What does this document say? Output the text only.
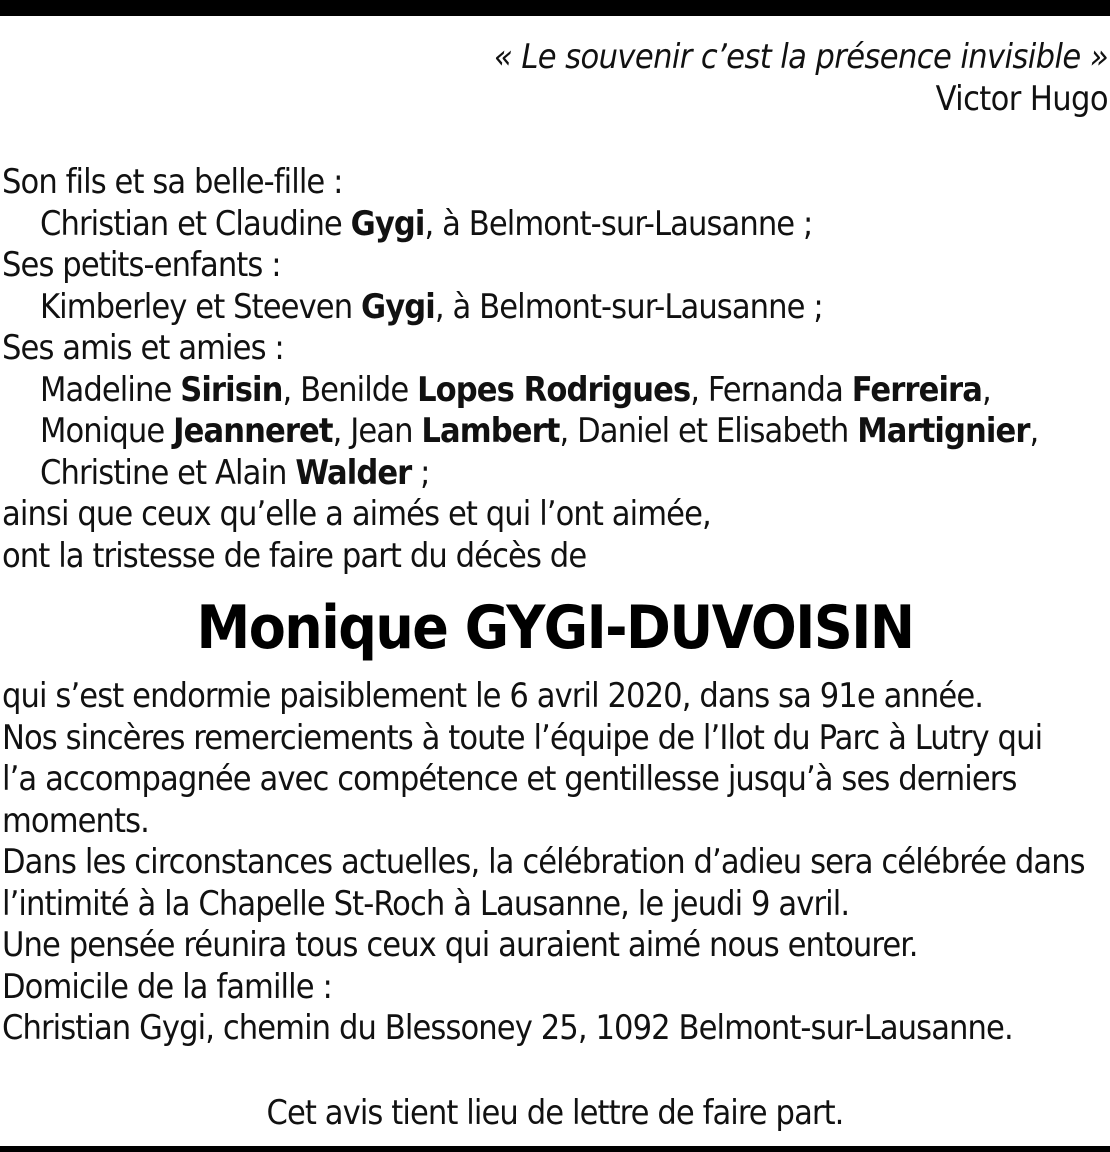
« Le souvenir c’est la présence invisible »
Victor Hugo
Son fils et sa belle-fille :
Christian et Claudine Gygi, à Belmont-sur-Lausanne ;
Ses petits-enfants :
Kimberley et Steeven Gygi, à Belmont-sur-Lausanne ;
Ses amis et amies :
Madeline Sirisin, Benilde Lopes Rodrigues, Fernanda Ferreira,
Monique Jeanneret, Jean Lambert, Daniel et Elisabeth Martignier,
Christine et Alain Walder ;
ainsi que ceux qu’elle a aimés et qui l’ont aimée,
ont la tristesse de faire part du décès de
Monique GYGI-DUVOISIN
qui s’est endormie paisiblement le 6 avril 2020, dans sa 91e année.
Nos sincères remerciements à toute l’équipe de l’Ilot du Parc à Lutry qui
l’a accompagnée avec compétence et gentillesse jusqu’à ses derniers
moments.
Dans les circonstances actuelles, la célébration d’adieu sera célébrée dans
l’intimité à la Chapelle St-Roch à Lausanne, le jeudi 9 avril.
Une pensée réunira tous ceux qui auraient aimé nous entourer.
Domicile de la famille :
Christian Gygi, chemin du Blessoney 25, 1092 Belmont-sur-Lausanne.
Cet avis tient lieu de lettre de faire part.
